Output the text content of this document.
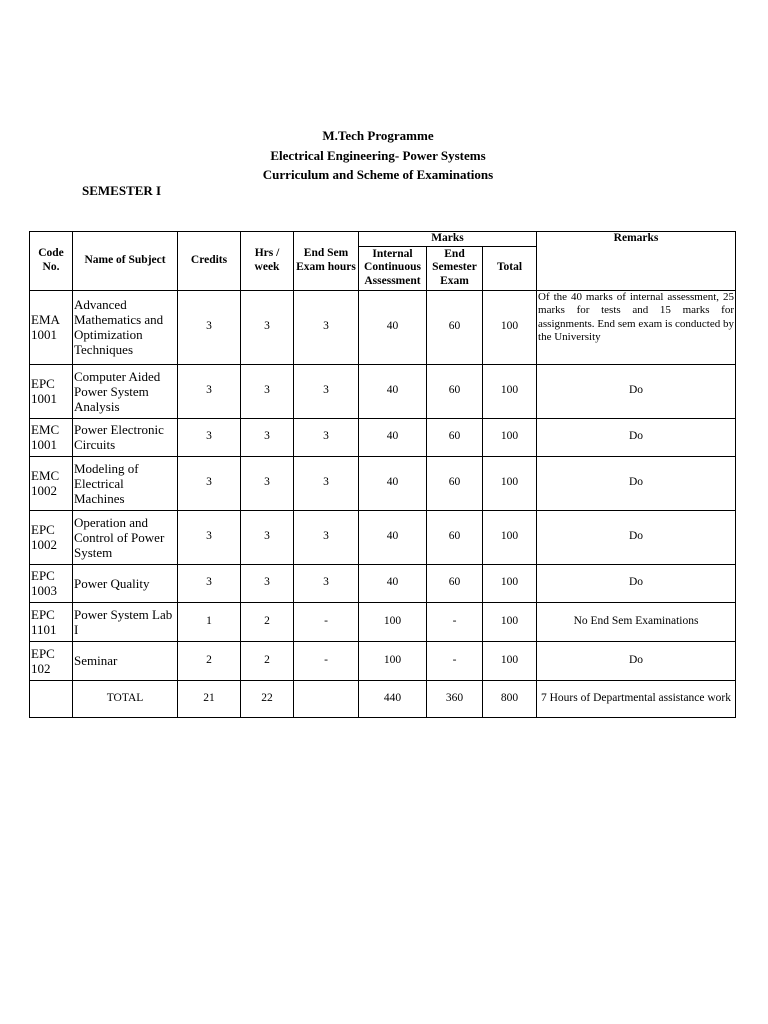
M.Tech Programme
Electrical Engineering- Power Systems
Curriculum and Scheme of Examinations
SEMESTER I
Code No.	Name of Subject	Credits	Hrs / week	End Sem Exam hours	Marks			Remarks
					Internal Continuous Assessment	End Semester Exam	Total	
EMA 1001	Advanced Mathematics and Optimization Techniques	3	3	3	40	60	100	Of the 40 marks of internal assessment, 25 marks for tests and 15 marks for assignments. End sem exam is conducted by the University
EPC 1001	Computer Aided Power System Analysis	3	3	3	40	60	100	Do
EMC 1001	Power Electronic Circuits	3	3	3	40	60	100	Do
EMC 1002	Modeling of Electrical Machines	3	3	3	40	60	100	Do
EPC 1002	Operation and Control of Power System	3	3	3	40	60	100	Do
EPC 1003	Power Quality	3	3	3	40	60	100	Do
EPC 1101	Power System Lab I	1	2	-	100	-	100	No End Sem Examinations
EPC 102	Seminar	2	2	-	100	-	100	Do
	TOTAL	21	22		440	360	800	7 Hours of Departmental assistance work
